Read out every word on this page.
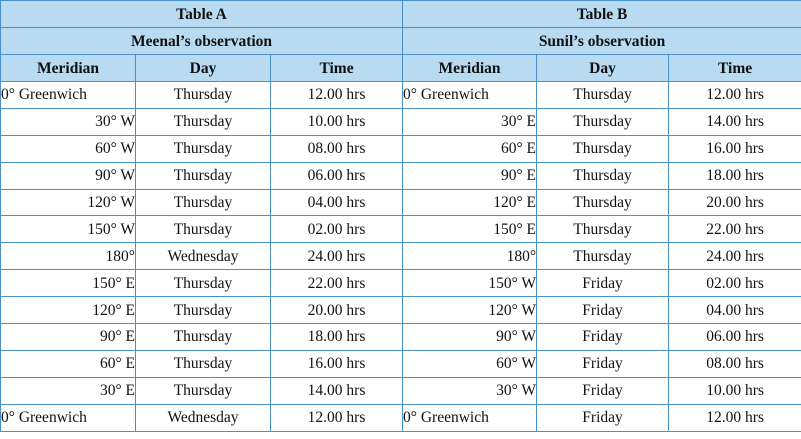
Table A			Table B		
Meenal’s observation			Sunil’s observation		
Meridian	Day	Time	Meridian	Day	Time
0° Greenwich	Thursday	12.00 hrs	0° Greenwich	Thursday	12.00 hrs
30° W	Thursday	10.00 hrs	30° E	Thursday	14.00 hrs
60° W	Thursday	08.00 hrs	60° E	Thursday	16.00 hrs
90° W	Thursday	06.00 hrs	90° E	Thursday	18.00 hrs
120° W	Thursday	04.00 hrs	120° E	Thursday	20.00 hrs
150° W	Thursday	02.00 hrs	150° E	Thursday	22.00 hrs
180°	Wednesday	24.00 hrs	180°	Thursday	24.00 hrs
150° E	Thursday	22.00 hrs	150° W	Friday	02.00 hrs
120° E	Thursday	20.00 hrs	120° W	Friday	04.00 hrs
90° E	Thursday	18.00 hrs	90° W	Friday	06.00 hrs
60° E	Thursday	16.00 hrs	60° W	Friday	08.00 hrs
30° E	Thursday	14.00 hrs	30° W	Friday	10.00 hrs
0° Greenwich	Wednesday	12.00 hrs	0° Greenwich	Friday	12.00 hrs
